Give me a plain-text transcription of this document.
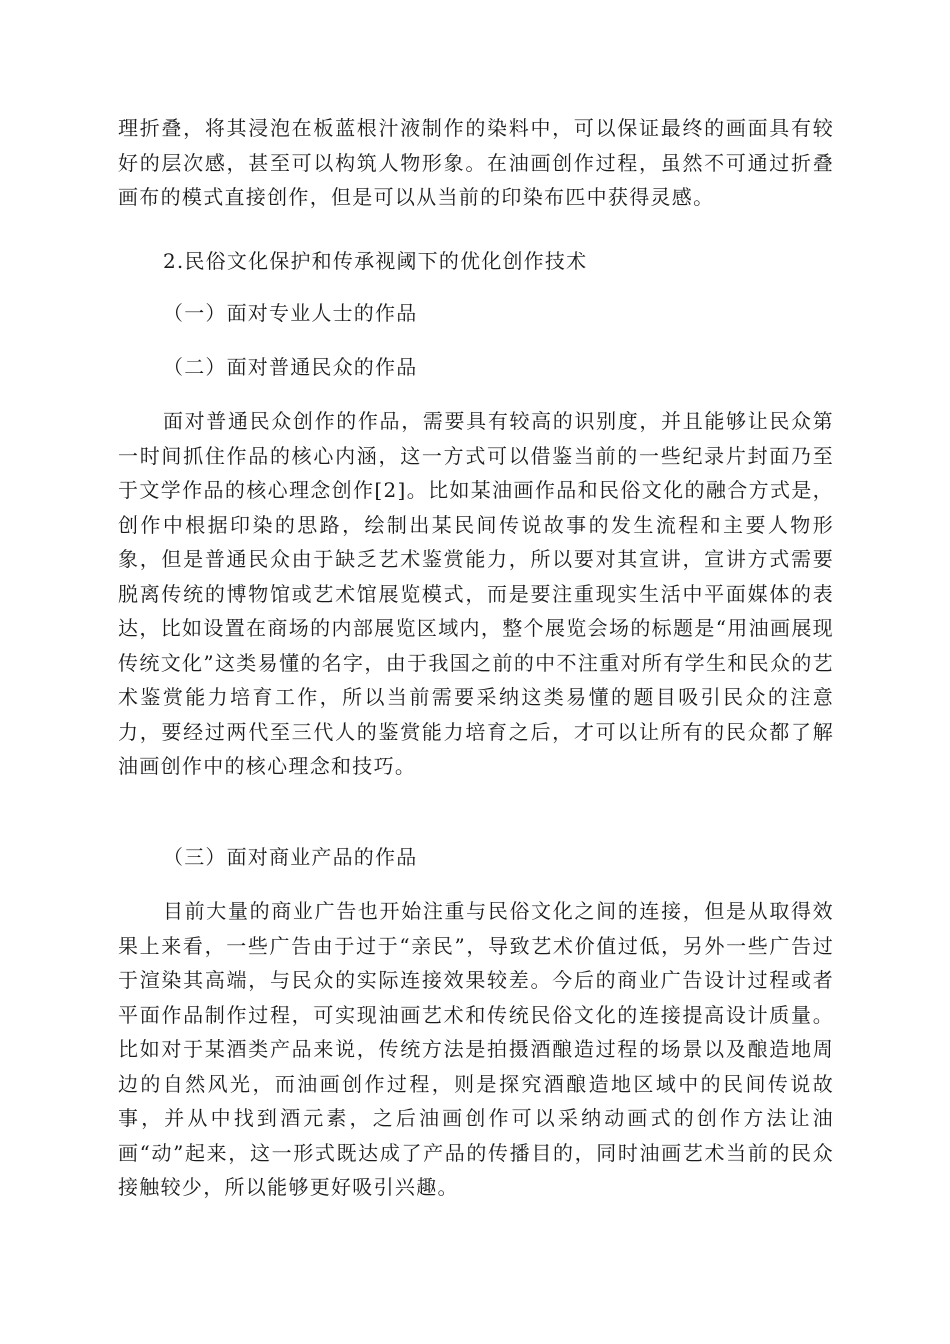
理折叠，将其浸泡在板蓝根汁液制作的染料中，可以保证最终的画面具有较好的层次感，甚至可以构筑人物形象。在油画创作过程，虽然不可通过折叠画布的模式直接创作，但是可以从当前的印染布匹中获得灵感。

2.民俗文化保护和传承视阈下的优化创作技术

（一）面对专业人士的作品

（二）面对普通民众的作品

面对普通民众创作的作品，需要具有较高的识别度，并且能够让民众第一时间抓住作品的核心内涵，这一方式可以借鉴当前的一些纪录片封面乃至于文学作品的核心理念创作[2]。比如某油画作品和民俗文化的融合方式是，创作中根据印染的思路，绘制出某民间传说故事的发生流程和主要人物形象，但是普通民众由于缺乏艺术鉴赏能力，所以要对其宣讲，宣讲方式需要脱离传统的博物馆或艺术馆展览模式，而是要注重现实生活中平面媒体的表达，比如设置在商场的内部展览区域内，整个展览会场的标题是“用油画展现传统文化”这类易懂的名字，由于我国之前的中不注重对所有学生和民众的艺术鉴赏能力培育工作，所以当前需要采纳这类易懂的题目吸引民众的注意力，要经过两代至三代人的鉴赏能力培育之后，才可以让所有的民众都了解油画创作中的核心理念和技巧。

（三）面对商业产品的作品

目前大量的商业广告也开始注重与民俗文化之间的连接，但是从取得效果上来看，一些广告由于过于“亲民”，导致艺术价值过低，另外一些广告过于渲染其高端，与民众的实际连接效果较差。今后的商业广告设计过程或者平面作品制作过程，可实现油画艺术和传统民俗文化的连接提高设计质量。比如对于某酒类产品来说，传统方法是拍摄酒酿造过程的场景以及酿造地周边的自然风光，而油画创作过程，则是探究酒酿造地区域中的民间传说故事，并从中找到酒元素，之后油画创作可以采纳动画式的创作方法让油画“动”起来，这一形式既达成了产品的传播目的，同时油画艺术当前的民众接触较少，所以能够更好吸引兴趣。
